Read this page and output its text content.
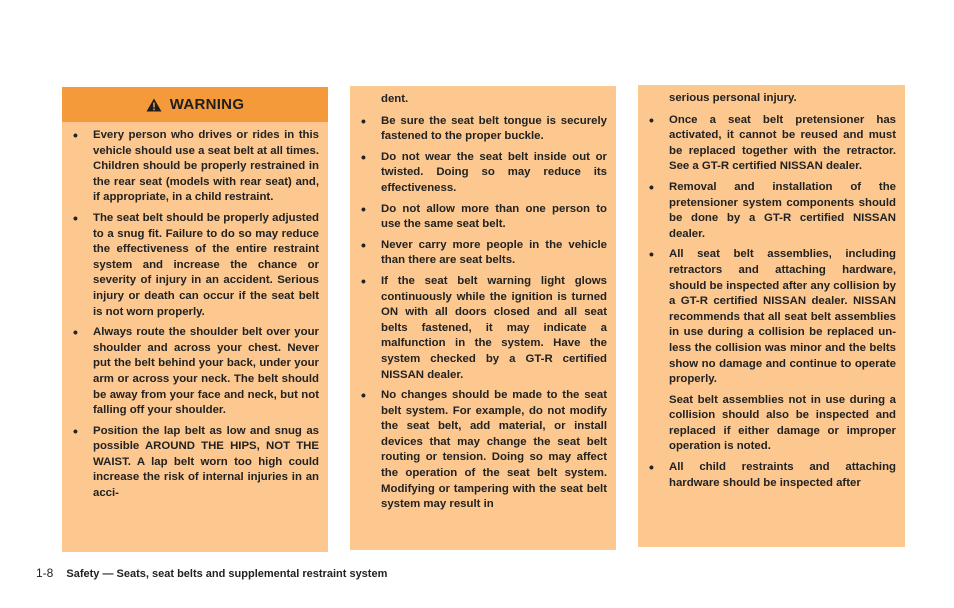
WARNING
• Every person who drives or rides in this vehicle should use a seat belt at all times. Children should be properly restrained in the rear seat (models with rear seat) and, if appropriate, in a child restraint.
• The seat belt should be properly adjusted to a snug fit. Failure to do so may reduce the effectiveness of the entire restraint system and increase the chance or severity of injury in an accident. Serious injury or death can occur if the seat belt is not worn properly.
• Always route the shoulder belt over your shoulder and across your chest. Never put the belt behind your back, under your arm or across your neck. The belt should be away from your face and neck, but not falling off your shoulder.
• Position the lap belt as low and snug as possible AROUND THE HIPS, NOT THE WAIST. A lap belt worn too high could increase the risk of internal injuries in an acci-

dent.

• Be sure the seat belt tongue is securely fastened to the proper buckle.
• Do not wear the seat belt inside out or twisted. Doing so may reduce its effectiveness.
• Do not allow more than one person to use the same seat belt.
• Never carry more people in the vehicle than there are seat belts.
• If the seat belt warning light glows continuously while the ignition is turned ON with all doors closed and all seat belts fastened, it may indicate a malfunction in the system. Have the system checked by a GT-R certified NISSAN dealer.
• No changes should be made to the seat belt system. For example, do not modify the seat belt, add material, or install devices that may change the seat belt routing or tension. Doing so may affect the operation of the seat belt system. Modifying or tampering with the seat belt system may result in

serious personal injury.

• Once a seat belt pretensioner has activated, it cannot be reused and must be replaced together with the retractor. See a GT-R certified NISSAN dealer.
• Removal and installation of the pretensioner system components should be done by a GT-R certified NISSAN dealer.
• All seat belt assemblies, including retractors and attaching hardware, should be inspected after any collision by a GT-R certified NISSAN dealer. NISSAN recommends that all seat belt assemblies in use during a collision be replaced unless the collision was minor and the belts show no damage and continue to operate properly.

Seat belt assemblies not in use during a collision should also be inspected and replaced if either damage or improper operation is noted.

• All child restraints and attaching hardware should be inspected after
1-8 Safety — Seats, seat belts and supplemental restraint system
